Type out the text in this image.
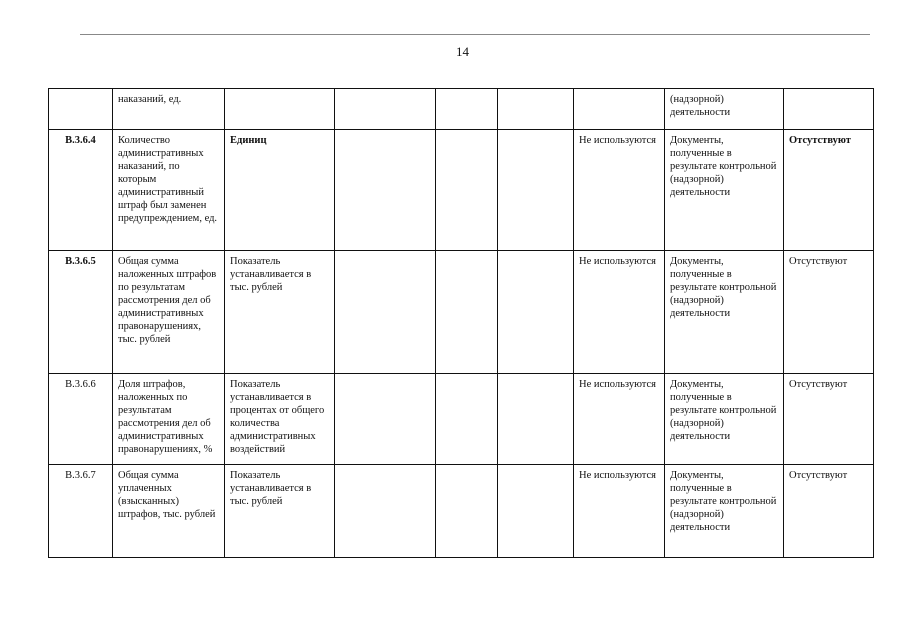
14
	наказаний, ед.						(надзорной) деятельности	
B.3.6.4	Количество административных наказаний, по которым административный штраф был заменен предупреждением, ед.	Единиц				Не используются	Документы, полученные в результате контрольной (надзорной) деятельности	Отсутствуют
B.3.6.5	Общая сумма наложенных штрафов по результатам рассмотрения дел об административных правонарушениях, тыс. рублей	Показатель устанавливается в тыс. рублей				Не используются	Документы, полученные в результате контрольной (надзорной) деятельности	Отсутствуют
B.3.6.6	Доля штрафов, наложенных по результатам рассмотрения дел об административных правонарушениях, %	Показатель устанавливается в процентах от общего количества административных воздействий				Не используются	Документы, полученные в результате контрольной (надзорной) деятельности	Отсутствуют
B.3.6.7	Общая сумма уплаченных (взысканных) штрафов, тыс. рублей	Показатель устанавливается в тыс. рублей				Не используются	Документы, полученные в результате контрольной (надзорной) деятельности	Отсутствуют
